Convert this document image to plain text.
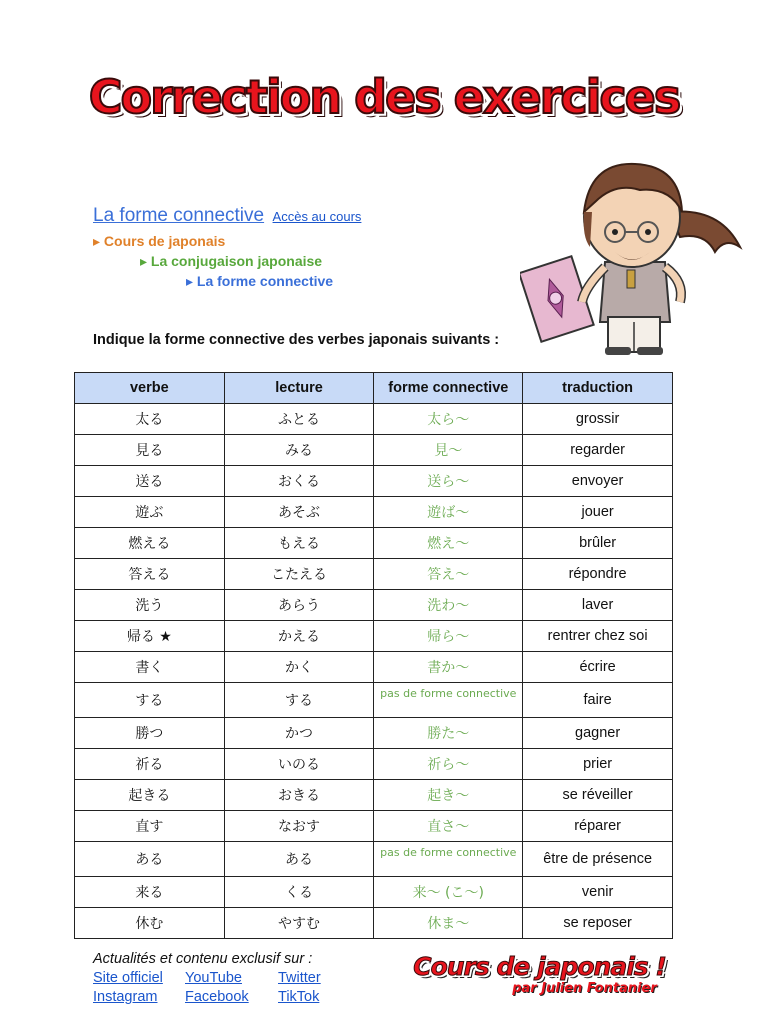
Correction des exercices
La forme connective Accès au cours
▸ Cours de japonais
▸ La conjugaison japonaise
▸ La forme connective
Indique la forme connective des verbes japonais suivants :
verbe	lecture	forme connective	traduction
太る	ふとる	太ら～	grossir
見る	みる	見～	regarder
送る	おくる	送ら～	envoyer
遊ぶ	あそぶ	遊ば～	jouer
燃える	もえる	燃え～	brûler
答える	こたえる	答え～	répondre
洗う	あらう	洗わ～	laver
帰る ★	かえる	帰ら～	rentrer chez soi
書く	かく	書か～	écrire
する	する	pas de forme connective	faire
勝つ	かつ	勝た～	gagner
祈る	いのる	祈ら～	prier
起きる	おきる	起き～	se réveiller
直す	なおす	直さ～	réparer
ある	ある	pas de forme connective	être de présence
来る	くる	来～ (こ～)	venir
休む	やすむ	休ま～	se reposer
Actualités et contenu exclusif sur :
Site officiel	YouTube	Twitter
Instagram	Facebook	TikTok
Cours de japonais !
par Julien Fontanier
